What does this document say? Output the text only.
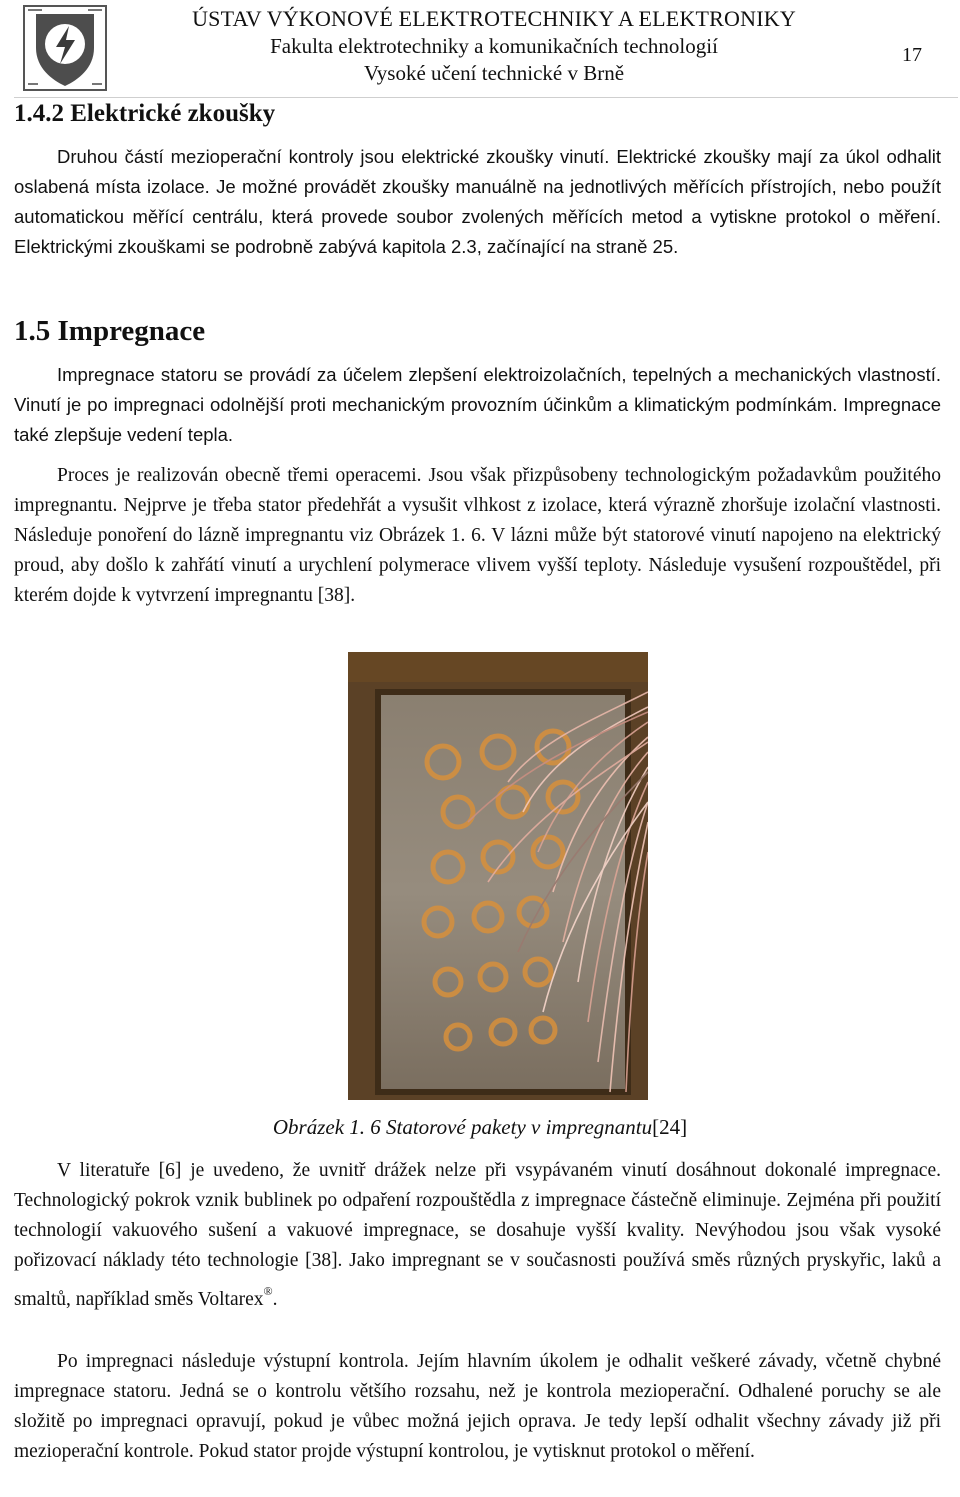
ÚSTAV VÝKONOVÉ ELEKTROTECHNIKY A ELEKTRONIKY
Fakulta elektrotechniky a komunikačních technologií
Vysoké učení technické v Brně
17
1.4.2 Elektrické zkoušky

Druhou částí mezioperační kontroly jsou elektrické zkoušky vinutí. Elektrické zkoušky mají za úkol odhalit oslabená místa izolace. Je možné provádět zkoušky manuálně na jednotlivých měřících přístrojích, nebo použít automatickou měřící centrálu, která provede soubor zvolených měřících metod a vytiskne protokol o měření. Elektrickými zkouškami se podrobně zabývá kapitola 2.3, začínající na straně 25.

1.5 Impregnace

Impregnace statoru se provádí za účelem zlepšení elektroizolačních, tepelných a mechanických vlastností. Vinutí je po impregnaci odolnější proti mechanickým provozním účinkům a klimatickým podmínkám. Impregnace také zlepšuje vedení tepla.

Proces je realizován obecně třemi operacemi. Jsou však přizpůsobeny technologickým požadavkům použitého impregnantu. Nejprve je třeba stator předehřát a vysušit vlhkost z izolace, která výrazně zhoršuje izolační vlastnosti. Následuje ponoření do lázně impregnantu viz Obrázek 1. 6. V lázni může být statorové vinutí napojeno na elektrický proud, aby došlo k zahřátí vinutí a urychlení polymerace vlivem vyšší teploty. Následuje vysušení rozpouštědel, při kterém dojde k vytvrzení impregnantu [38].

Obrázek 1. 6 Statorové pakety v impregnantu[24]

V literatuře [6] je uvedeno, že uvnitř drážek nelze při vsypávaném vinutí dosáhnout dokonalé impregnace. Technologický pokrok vznik bublinek po odpaření rozpouštědla z impregnace částečně eliminuje. Zejména při použití technologií vakuového sušení a vakuové impregnace, se dosahuje vyšší kvality. Nevýhodou jsou však vysoké pořizovací náklady této technologie [38]. Jako impregnant se v současnosti používá směs různých pryskyřic, laků a smaltů, například směs Voltarex®.

Po impregnaci následuje výstupní kontrola. Jejím hlavním úkolem je odhalit veškeré závady, včetně chybné impregnace statoru. Jedná se o kontrolu většího rozsahu, než je kontrola mezioperační. Odhalené poruchy se ale složitě po impregnaci opravují, pokud je vůbec možná jejich oprava. Je tedy lepší odhalit všechny závady již při mezioperační kontrole. Pokud stator projde výstupní kontrolou, je vytisknut protokol o měření.
